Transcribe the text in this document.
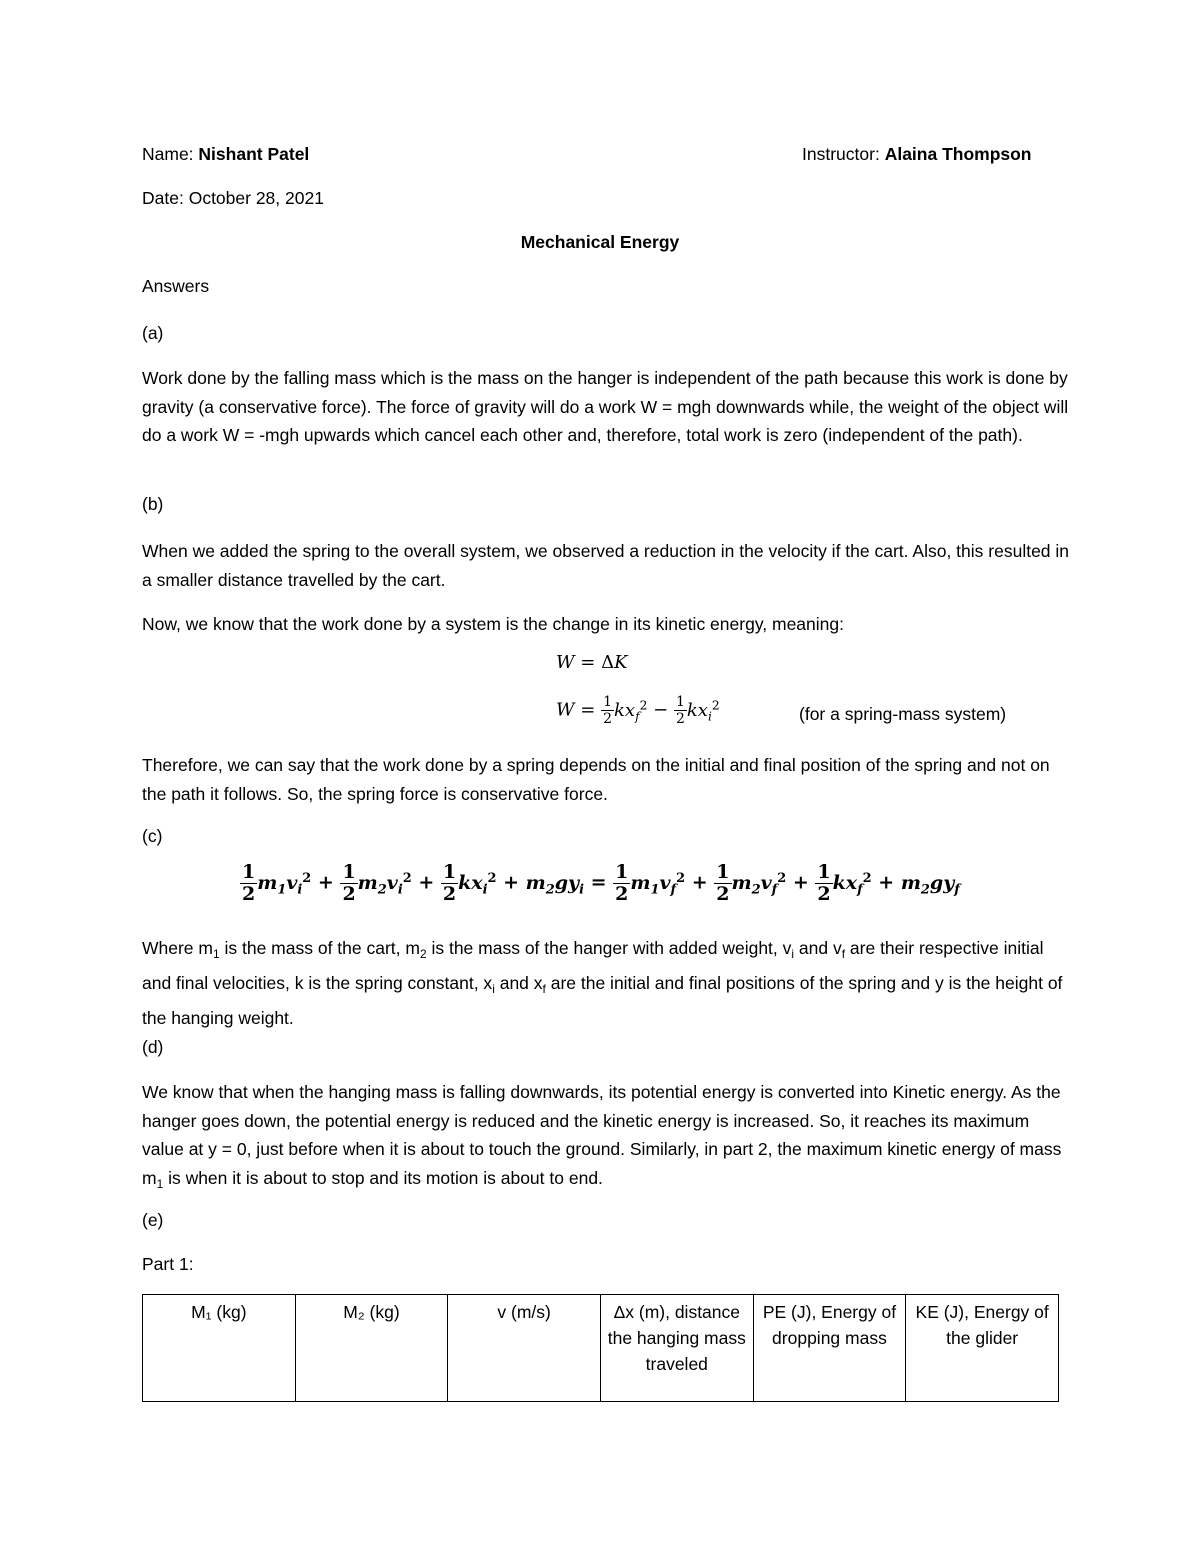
Name: Nishant Patel	Instructor: Alaina Thompson
Date: October 28, 2021
Mechanical Energy
Answers
(a)
Work done by the falling mass which is the mass on the hanger is independent of the path because this work is done by gravity (a conservative force). The force of gravity will do a work W = mgh downwards while, the weight of the object will do a work W = -mgh upwards which cancel each other and, therefore, total work is zero (independent of the path).
(b)
When we added the spring to the overall system, we observed a reduction in the velocity if the cart. Also, this resulted in a smaller distance travelled by the cart.
Now, we know that the work done by a system is the change in its kinetic energy, meaning:
W = ΔK
$W = \frac{1}{2} kx_f^2 - \frac{1}{2} kx_i^2$	(for a spring-mass system)
Therefore, we can say that the work done by a spring depends on the initial and final position of the spring and not on the path it follows. So, the spring force is conservative force.
(c)
$\frac{1}{2} m_1v_i^2 + \frac{1}{2} m_2v_i^2 + \frac{1}{2} kx_i^2 + m_2gy_i = \frac{1}{2} m_1v_f^2 + \frac{1}{2} m_2v_f^2 + \frac{1}{2} kx_f^2 + m_2gy_f$
Where $m_1$ is the mass of the cart, $m_2$ is the mass of the hanger with added weight, $v_i$ and $v_f$ are their respective initial and final velocities, k is the spring constant, $x_i$ and $x_f$ are the initial and final positions of the spring and y is the height of the hanging weight.
(d)
We know that when the hanging mass is falling downwards, its potential energy is converted into Kinetic energy. As the hanger goes down, the potential energy is reduced and the kinetic energy is increased. So, it reaches its maximum value at y = 0, just before when it is about to touch the ground. Similarly, in part 2, the maximum kinetic energy of mass $m_1$ is when it is about to stop and its motion is about to end.
(e)
Part 1:
M₁ (kg)	M₂ (kg)	v (m/s)	Δx (m), distance the hanging mass traveled	PE (J), Energy of dropping mass	KE (J), Energy of the glider
